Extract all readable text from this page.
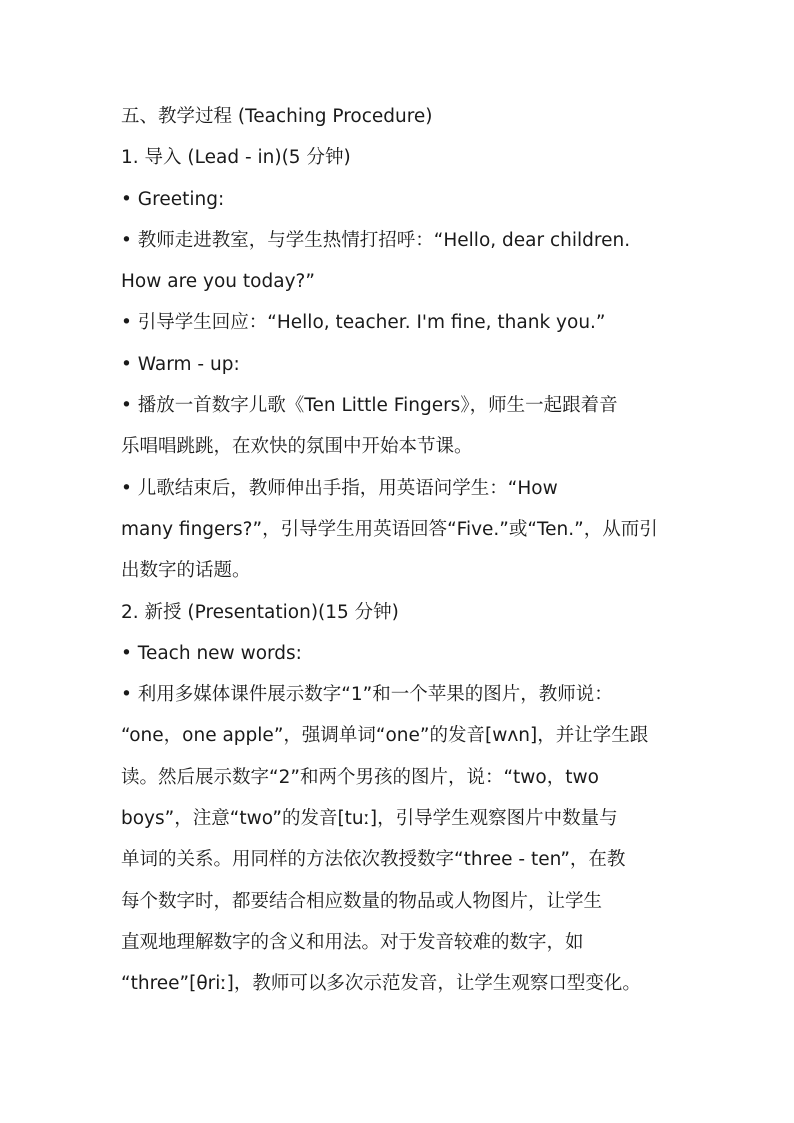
五、教学过程 (Teaching Procedure)
1. 导入 (Lead - in)(5 分钟)
• Greeting:
• 教师走进教室，与学生热情打招呼：“Hello, dear children.
How are you today?”
• 引导学生回应：“Hello, teacher. I'm fine, thank you.”
• Warm - up:
• 播放一首数字儿歌《Ten Little Fingers》，师生一起跟着音
乐唱唱跳跳，在欢快的氛围中开始本节课。
• 儿歌结束后，教师伸出手指，用英语问学生：“How
many fingers?”，引导学生用英语回答“Five.”或“Ten.”，从而引
出数字的话题。
2. 新授 (Presentation)(15 分钟)
• Teach new words:
• 利用多媒体课件展示数字“1”和一个苹果的图片，教师说：
“one，one apple”，强调单词“one”的发音[wʌn]，并让学生跟
读。然后展示数字“2”和两个男孩的图片，说：“two，two
boys”，注意“two”的发音[tuː]，引导学生观察图片中数量与
单词的关系。用同样的方法依次教授数字“three - ten”，在教
每个数字时，都要结合相应数量的物品或人物图片，让学生
直观地理解数字的含义和用法。对于发音较难的数字，如
“three”[θriː]，教师可以多次示范发音，让学生观察口型变化。
